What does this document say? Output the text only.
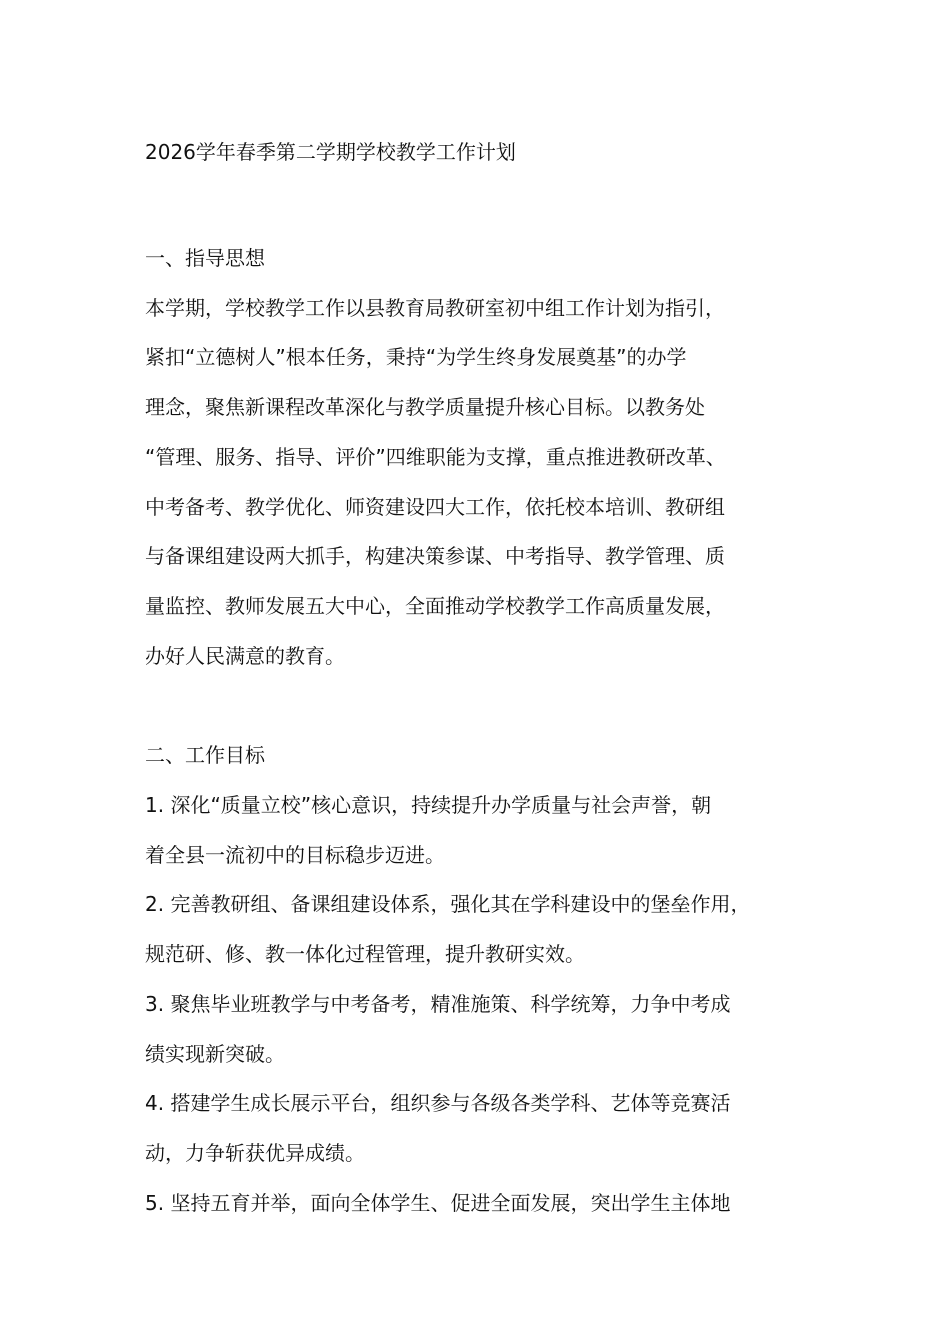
2026学年春季第二学期学校教学工作计划

一、指导思想

本学期，学校教学工作以县教育局教研室初中组工作计划为指引，
紧扣“立德树人”根本任务，秉持“为学生终身发展奠基”的办学
理念，聚焦新课程改革深化与教学质量提升核心目标。以教务处
“管理、服务、指导、评价”四维职能为支撑，重点推进教研改革、
中考备考、教学优化、师资建设四大工作，依托校本培训、教研组
与备课组建设两大抓手，构建决策参谋、中考指导、教学管理、质
量监控、教师发展五大中心，全面推动学校教学工作高质量发展，
办好人民满意的教育。

二、工作目标

1. 深化“质量立校”核心意识，持续提升办学质量与社会声誉，朝
着全县一流初中的目标稳步迈进。
2. 完善教研组、备课组建设体系，强化其在学科建设中的堡垒作用，
规范研、修、教一体化过程管理，提升教研实效。
3. 聚焦毕业班教学与中考备考，精准施策、科学统筹，力争中考成
绩实现新突破。
4. 搭建学生成长展示平台，组织参与各级各类学科、艺体等竞赛活
动，力争斩获优异成绩。
5. 坚持五育并举，面向全体学生、促进全面发展，突出学生主体地
